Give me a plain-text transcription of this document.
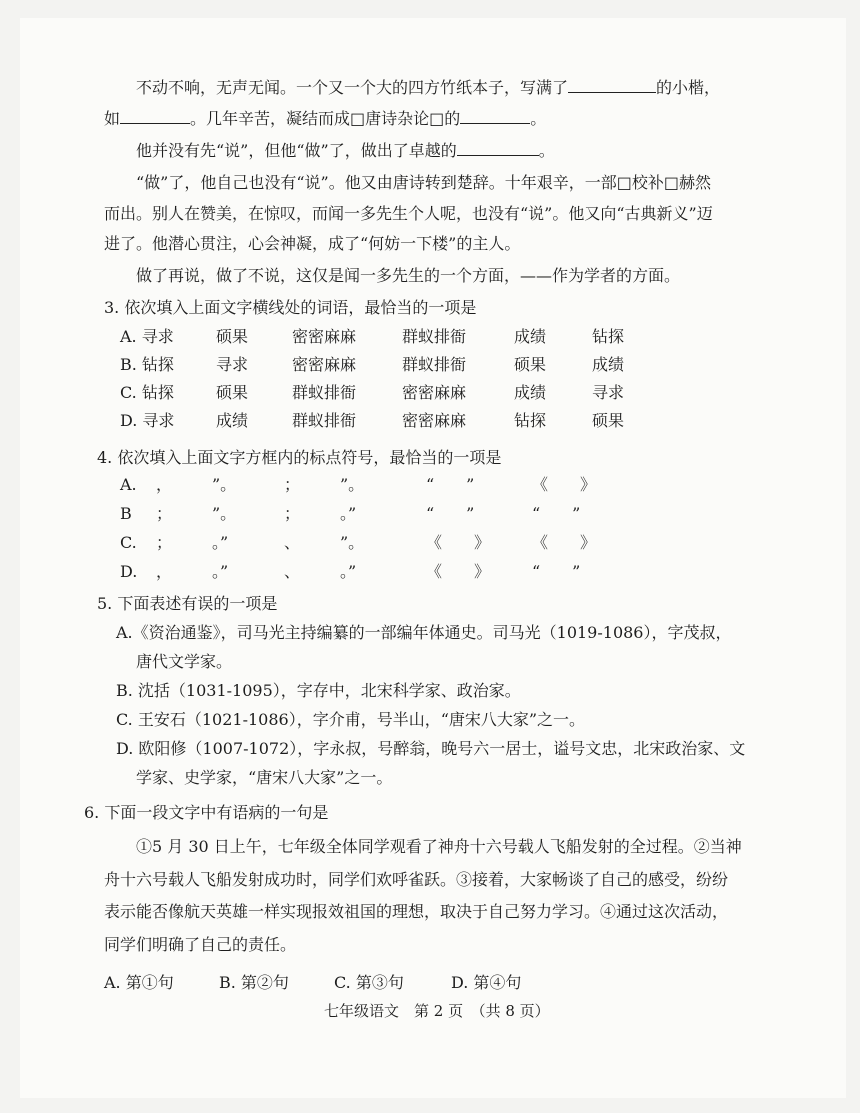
不动不响，无声无闻。一个又一个大的四方竹纸本子，写满了	的小楷，
如	。几年辛苦，凝结而成□唐诗杂论□的	。
他并没有先“说”，但他“做”了，做出了卓越的	。
“做”了，他自己也没有“说”。他又由唐诗转到楚辞。十年艰辛，一部□校补□赫然
而出。别人在赞美，在惊叹，而闻一多先生个人呢，也没有“说”。他又向“古典新义”迈
进了。他潜心贯注，心会神凝，成了“何妨一下楼”的主人。
做了再说，做了不说，这仅是闻一多先生的一个方面，——作为学者的方面。
3. 依次填入上面文字横线处的词语，最恰当的一项是
A. 寻求	硕果	密密麻麻	群蚁排衙	成绩	钻探
B. 钻探	寻求	密密麻麻	群蚁排衙	硕果	成绩
C. 钻探	硕果	群蚁排衙	密密麻麻	成绩	寻求
D. 寻求	成绩	群蚁排衙	密密麻麻	钻探	硕果
4. 依次填入上面文字方框内的标点符号，最恰当的一项是
A. ， ”。	； ”。	“　　”	《　　》
B ； ”。	； 。”	“　　”	“　　”
C. ； 。”	、 ”。	《　　》	《　　》
D. ， 。”	、 。”	《　　》	“　　”
5. 下面表述有误的一项是
A.《资治通鉴》，司马光主持编纂的一部编年体通史。司马光（1019-1086），字茂叔，
唐代文学家。
B. 沈括（1031-1095），字存中，北宋科学家、政治家。
C. 王安石（1021-1086），字介甫，号半山，“唐宋八大家”之一。
D. 欧阳修（1007-1072），字永叔，号醉翁，晚号六一居士，谥号文忠，北宋政治家、文
学家、史学家，“唐宋八大家”之一。
6. 下面一段文字中有语病的一句是
①5 月 30 日上午，七年级全体同学观看了神舟十六号载人飞船发射的全过程。②当神
舟十六号载人飞船发射成功时，同学们欢呼雀跃。③接着，大家畅谈了自己的感受，纷纷
表示能否像航天英雄一样实现报效祖国的理想，取决于自己努力学习。④通过这次活动，
同学们明确了自己的责任。
A. 第①句	B. 第②句	C. 第③句	D. 第④句
七年级语文　第 2 页　（共 8 页）
